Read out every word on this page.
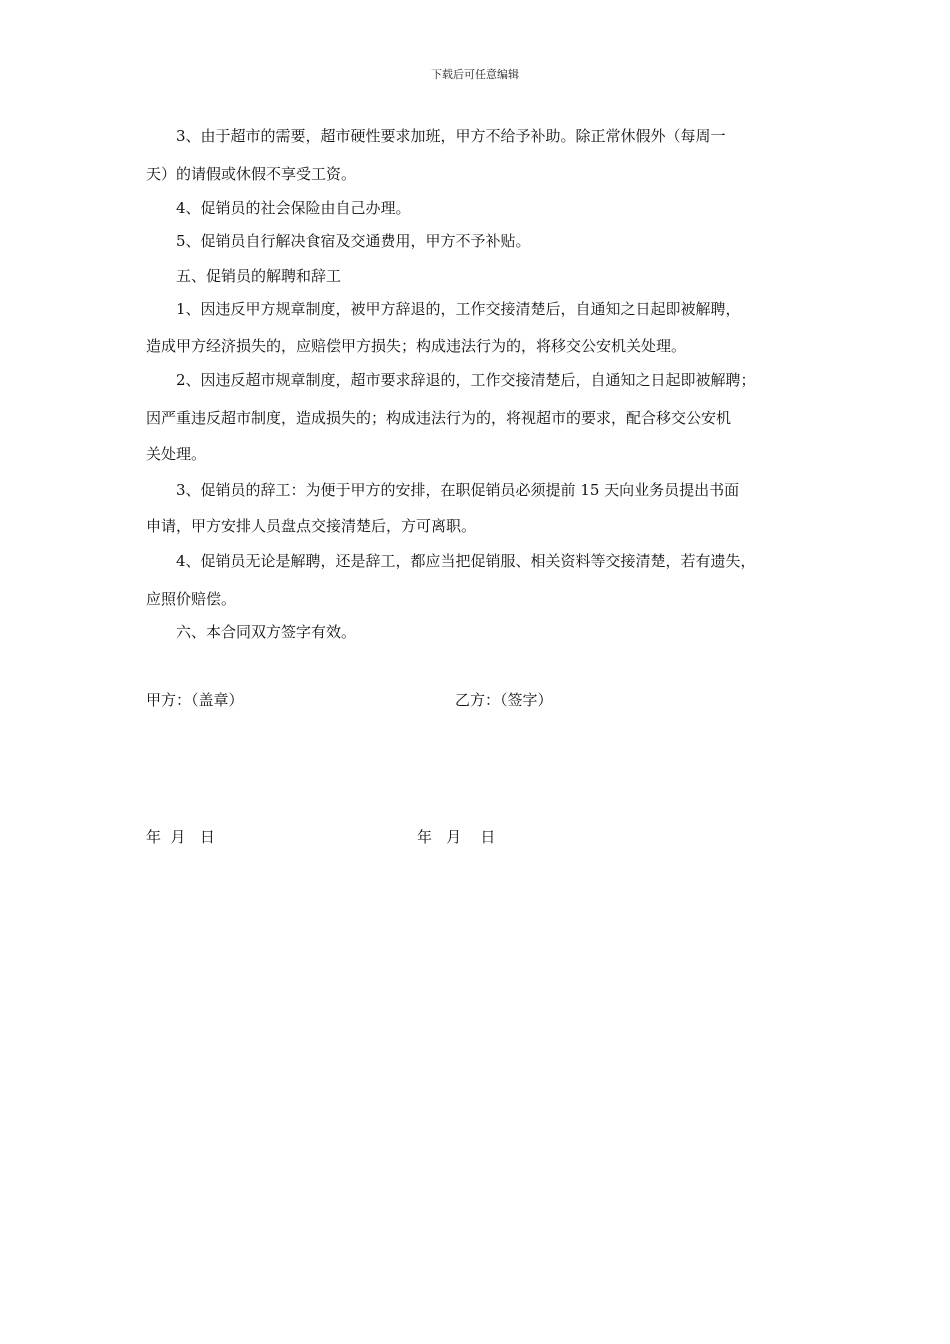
下载后可任意编辑
3、由于超市的需要，超市硬性要求加班，甲方不给予补助。除正常休假外（每周一
天）的请假或休假不享受工资。
4、促销员的社会保险由自己办理。
5、促销员自行解决食宿及交通费用，甲方不予补贴。
五、促销员的解聘和辞工
1、因违反甲方规章制度，被甲方辞退的，工作交接清楚后，自通知之日起即被解聘，
造成甲方经济损失的，应赔偿甲方损失；构成违法行为的，将移交公安机关处理。
2、因违反超市规章制度，超市要求辞退的，工作交接清楚后，自通知之日起即被解聘；
因严重违反超市制度，造成损失的；构成违法行为的，将视超市的要求，配合移交公安机
关处理。
3、促销员的辞工：为便于甲方的安排，在职促销员必须提前 15 天向业务员提出书面
申请，甲方安排人员盘点交接清楚后，方可离职。
4、促销员无论是解聘，还是辞工，都应当把促销服、相关资料等交接清楚，若有遗失，
应照价赔偿。
六、本合同双方签字有效。
甲方：（盖章）	乙方：（签字）
年  月   日	年   月    日
